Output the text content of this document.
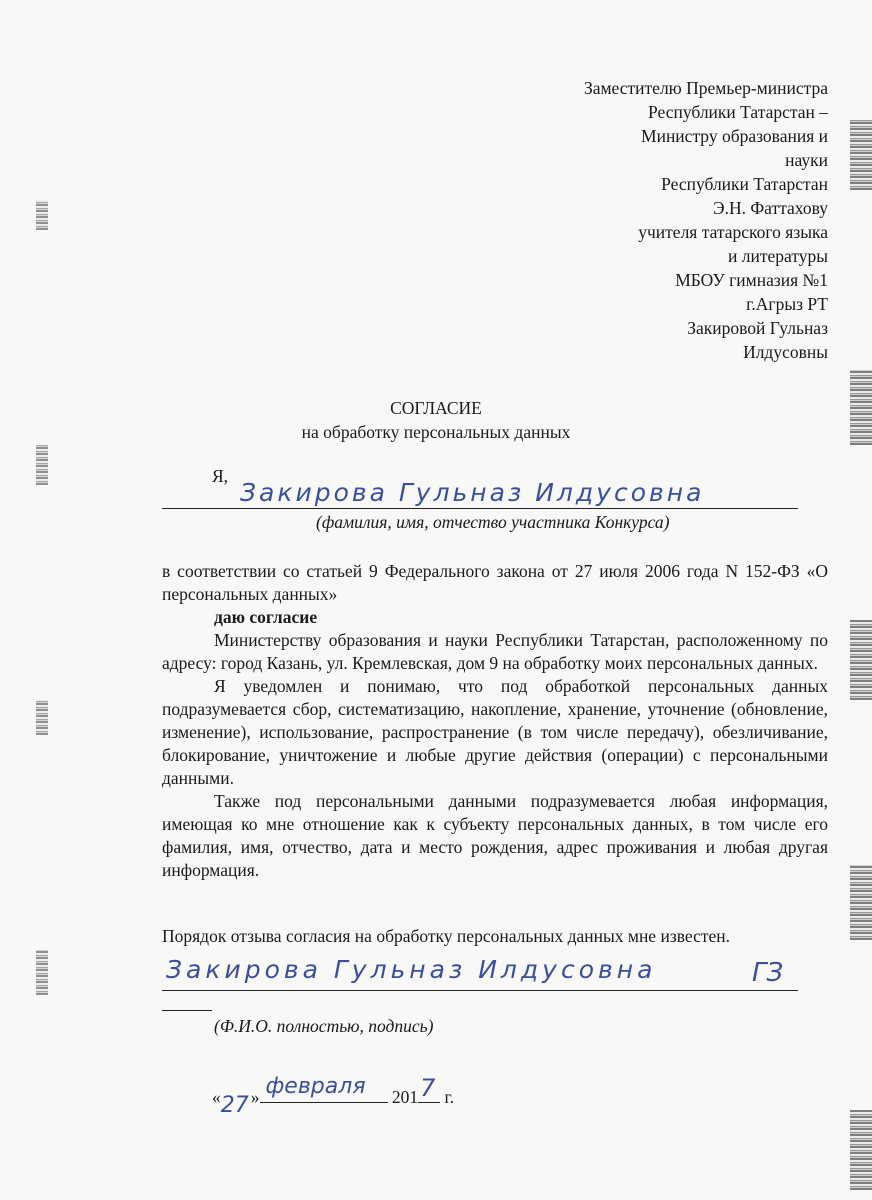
Заместителю Премьер-министра
Республики Татарстан –
Министру образования и
науки
Республики Татарстан
Э.Н. Фаттахову
учителя татарского языка
и литературы
МБОУ гимназия №1
г.Агрыз РТ
Закировой Гульназ
Илдусовны
СОГЛАСИЕ
на обработку персональных данных
Я,
Закирова Гульназ Илдусовна
(фамилия, имя, отчество участника Конкурса)

в соответствии со статьей 9 Федерального закона от 27 июля 2006 года N 152-ФЗ «О персональных данных»

даю согласие

Министерству образования и науки Республики Татарстан, расположенному по адресу: город Казань, ул. Кремлевская, дом 9 на обработку моих персональных данных.

Я уведомлен и понимаю, что под обработкой персональных данных подразумевается сбор, систематизацию, накопление, хранение, уточнение (обновление, изменение), использование, распространение (в том числе передачу), обезличивание, блокирование, уничтожение и любые другие действия (операции) с персональными данными.

Также под персональными данными подразумевается любая информация, имеющая ко мне отношение как к субъекту персональных данных, в том числе его фамилия, имя, отчество, дата и место рождения, адрес проживания и любая другая информация.

Порядок отзыва согласия на обработку персональных данных мне известен.
Закирова Гульназ Илдусовна	ГЗ
(Ф.И.О. полностью, подпись)
« 27 » февраля 201 7 г.
